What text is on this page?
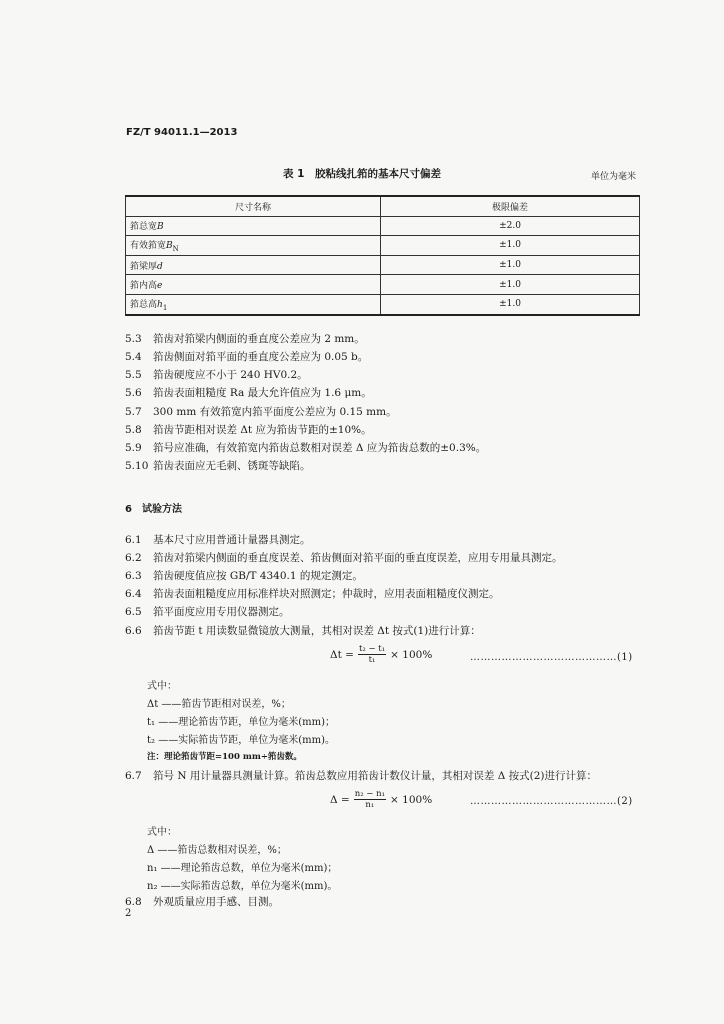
FZ/T 94011.1—2013
表 1　胶粘线扎筘的基本尺寸偏差	单位为毫米
尺寸名称	极限偏差
筘总宽B	±2.0
有效筘宽$B_N$	±1.0
筘梁厚d	±1.0
筘内高e	±1.0
筘总高$h_1$	±1.0
5.3 筘齿对筘梁内侧面的垂直度公差应为 2 mm。
5.4 筘齿侧面对筘平面的垂直度公差应为 0.05 b。
5.5 筘齿硬度应不小于 240 HV0.2。
5.6 筘齿表面粗糙度 Ra 最大允许值应为 1.6 μm。
5.7 300 mm 有效筘宽内筘平面度公差应为 0.15 mm。
5.8 筘齿节距相对误差 Δt 应为筘齿节距的±10%。
5.9 筘号应准确，有效筘宽内筘齿总数相对误差 Δ 应为筘齿总数的±0.3%。
5.10 筘齿表面应无毛刺、锈斑等缺陷。
6　试验方法
6.1 基本尺寸应用普通计量器具测定。
6.2 筘齿对筘梁内侧面的垂直度误差、筘齿侧面对筘平面的垂直度误差，应用专用量具测定。
6.3 筘齿硬度值应按 GB/T 4340.1 的规定测定。
6.4 筘齿表面粗糙度应用标准样块对照测定；仲裁时，应用表面粗糙度仪测定。
6.5 筘平面度应用专用仪器测定。
6.6 筘齿节距 t 用读数显微镜放大测量，其相对误差 Δt 按式(1)进行计算：
$\Delta t = \frac{\text{t₂ − t₁}}{\text{t₁}} \times 100\%$	……………………………………(1)
式中：
Δt ——筘齿节距相对误差，%；
t₁ ——理论筘齿节距，单位为毫米(mm)；
t₂ ——实际筘齿节距，单位为毫米(mm)。
注：理论筘齿节距=100 mm÷筘齿数。
6.7 筘号 N 用计量器具测量计算。筘齿总数应用筘齿计数仪计量，其相对误差 Δ 按式(2)进行计算：
$\Delta = \frac{\text{n₂ − n₁}}{\text{n₁}} \times 100\%$	……………………………………(2)
式中：
Δ ——筘齿总数相对误差，%；
n₁ ——理论筘齿总数，单位为毫米(mm)；
n₂ ——实际筘齿总数，单位为毫米(mm)。
6.8 外观质量应用手感、目测。
2
